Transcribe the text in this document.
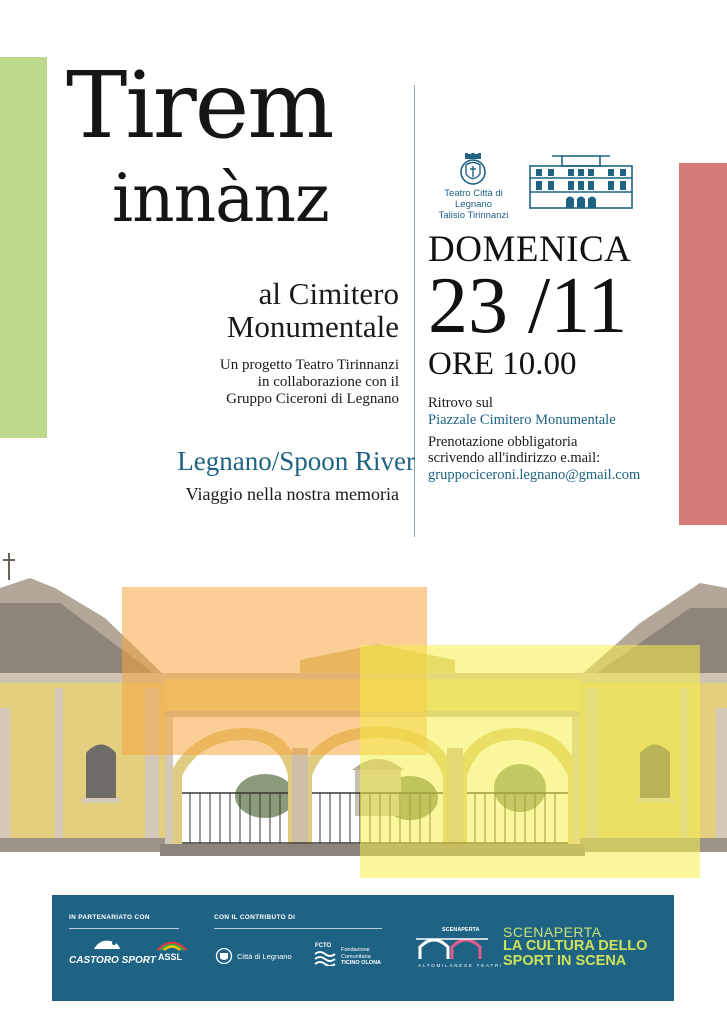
Tirem
innànz
al Cimitero
Monumentale
Un progetto Teatro Tirinnanzi
in collaborazione con il
Gruppo Ciceroni di Legnano
Legnano/Spoon River
Viaggio nella nostra memoria
Teatro Città di Legnano
Talisio Tirinnanzi
DOMENICA
23 /11
ORE 10.00
Ritrovo sul
Piazzale Cimitero Monumentale
Prenotazione obbligatoria
scrivendo all'indirizzo e.mail:
gruppociceroni.legnano@gmail.com
IN PARTENARIATO CON	CON IL CONTRIBUTO DI
CASTORO SPORT ASSL	Città di Legnano
FCTO
Fondazione
Comunitaria
TICINO OLONA
SCENAPERTA
ALTOMILANESE TEATRI
SCENAPERTA
LA CULTURA DELLO
SPORT IN SCENA
